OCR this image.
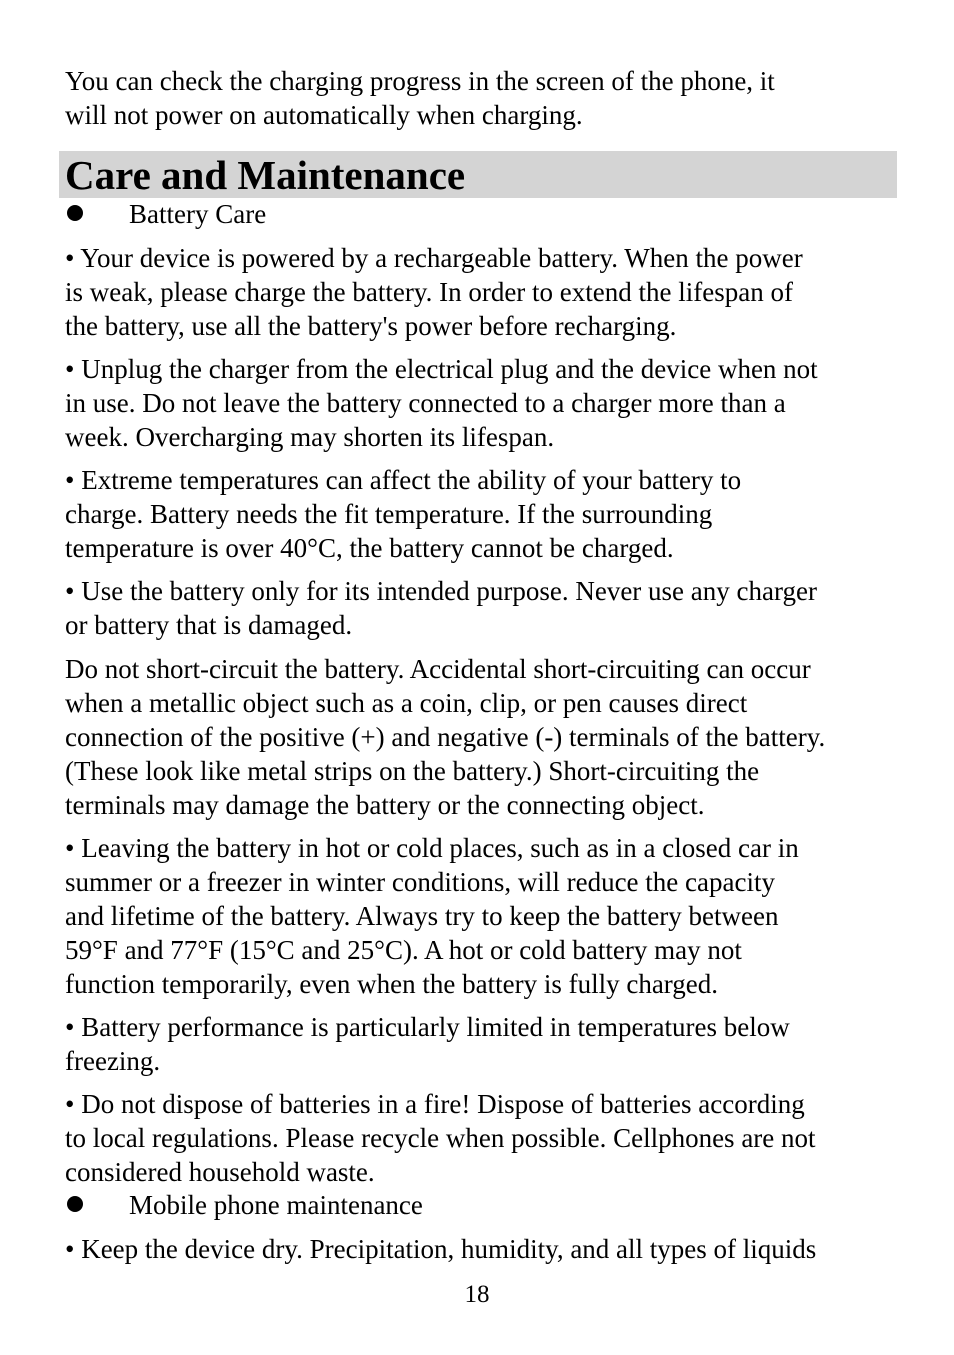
You can check the charging progress in the screen of the phone, it
will not power on automatically when charging.

Care and Maintenance
Battery Care

• Your device is powered by a rechargeable battery. When the power
is weak, please charge the battery. In order to extend the lifespan of
the battery, use all the battery's power before recharging.

• Unplug the charger from the electrical plug and the device when not
in use. Do not leave the battery connected to a charger more than a
week. Overcharging may shorten its lifespan.

• Extreme temperatures can affect the ability of your battery to
charge. Battery needs the fit temperature. If the surrounding
temperature is over 40°C, the battery cannot be charged.

• Use the battery only for its intended purpose. Never use any charger
or battery that is damaged.

Do not short-circuit the battery. Accidental short-circuiting can occur
when a metallic object such as a coin, clip, or pen causes direct
connection of the positive (+) and negative (-) terminals of the battery.
(These look like metal strips on the battery.) Short-circuiting the
terminals may damage the battery or the connecting object.

• Leaving the battery in hot or cold places, such as in a closed car in
summer or a freezer in winter conditions, will reduce the capacity
and lifetime of the battery. Always try to keep the battery between
59°F and 77°F (15°C and 25°C). A hot or cold battery may not
function temporarily, even when the battery is fully charged.

• Battery performance is particularly limited in temperatures below
freezing.

• Do not dispose of batteries in a fire! Dispose of batteries according
to local regulations. Please recycle when possible. Cellphones are not
considered household waste.

Mobile phone maintenance

• Keep the device dry. Precipitation, humidity, and all types of liquids

18
